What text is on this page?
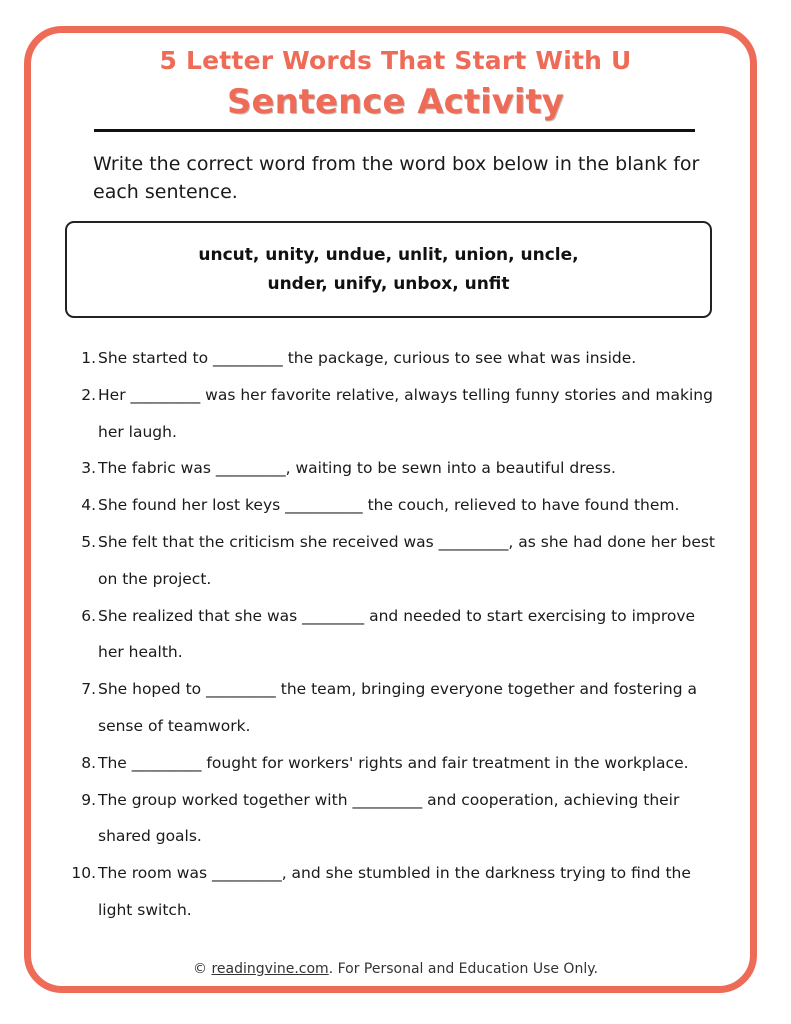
5 Letter Words That Start With U
Sentence Activity
Write the correct word from the word box below in the blank for each sentence.
uncut, unity, undue, unlit, union, uncle,
under, unify, unbox, unfit
1. She started to _________ the package, curious to see what was inside.
2. Her _________ was her favorite relative, always telling funny stories and making her laugh.
3. The fabric was _________, waiting to be sewn into a beautiful dress.
4. She found her lost keys __________ the couch, relieved to have found them.
5. She felt that the criticism she received was _________, as she had done her best on the project.
6. She realized that she was ________ and needed to start exercising to improve her health.
7. She hoped to _________ the team, bringing everyone together and fostering a sense of teamwork.
8. The _________ fought for workers' rights and fair treatment in the workplace.
9. The group worked together with _________ and cooperation, achieving their shared goals.
10. The room was _________, and she stumbled in the darkness trying to find the light switch.
© readingvine.com. For Personal and Education Use Only.
